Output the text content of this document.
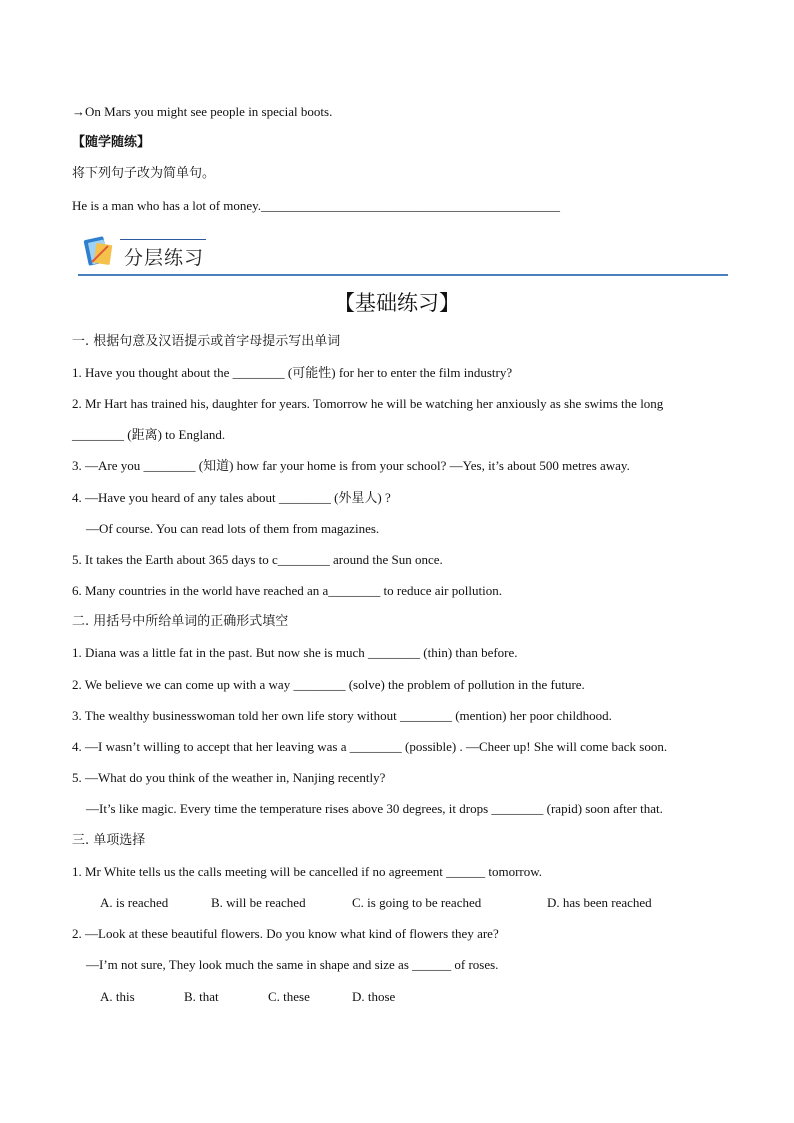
→On Mars you might see people in special boots.
【随学随练】
将下列句子改为简单句。
He is a man who has a lot of money.______________________________________________
分层练习
【基础练习】
一. 根据句意及汉语提示或首字母提示写出单词
1. Have you thought about the ________ (可能性) for her to enter the film industry?
2. Mr Hart has trained his, daughter for years. Tomorrow he will be watching her anxiously as she swims the long
________ (距离) to England.
3. —Are you ________ (知道) how far your home is from your school? —Yes, it’s about 500 metres away.
4. —Have you heard of any tales about ________ (外星人) ?
—Of course. You can read lots of them from magazines.
5. It takes the Earth about 365 days to c________ around the Sun once.
6. Many countries in the world have reached an a________ to reduce air pollution.
二. 用括号中所给单词的正确形式填空
1. Diana was a little fat in the past. But now she is much ________ (thin) than before.
2. We believe we can come up with a way ________ (solve) the problem of pollution in the future.
3. The wealthy businesswoman told her own life story without ________ (mention) her poor childhood.
4. —I wasn’t willing to accept that her leaving was a ________ (possible) . —Cheer up! She will come back soon.
5. —What do you think of the weather in, Nanjing recently?
—It’s like magic. Every time the temperature rises above 30 degrees, it drops ________ (rapid) soon after that.
三. 单项选择
1. Mr White tells us the calls meeting will be cancelled if no agreement ______ tomorrow.
A. is reached	B. will be reached	C. is going to be reached	D. has been reached
2. —Look at these beautiful flowers. Do you know what kind of flowers they are?
—I’m not sure, They look much the same in shape and size as ______ of roses.
A. this	B. that	C. these	D. those
